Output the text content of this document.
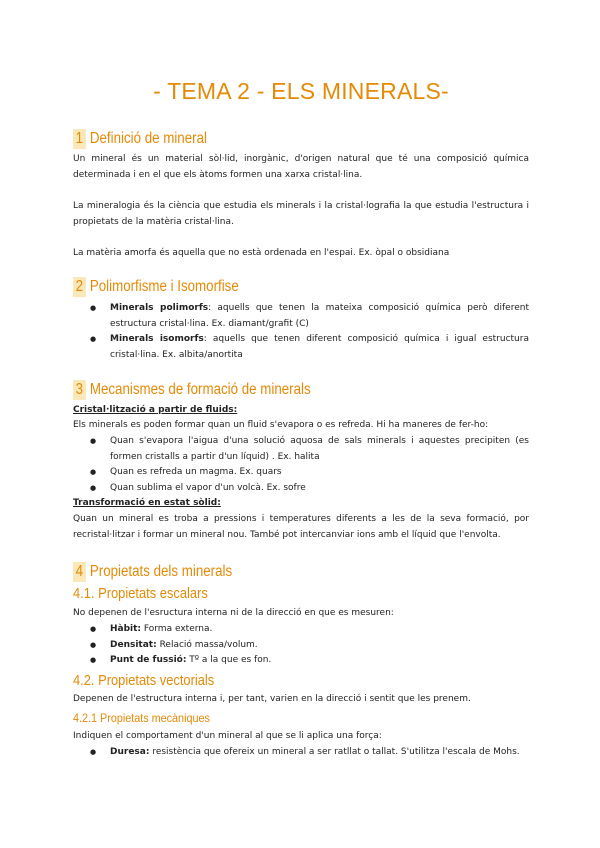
- TEMA 2 - ELS MINERALS-
1 Definició de mineral

Un mineral és un material sòl·lid, inorgànic, d'origen natural que té una composició química determinada i en el que els àtoms formen una xarxa cristal·lina.

La mineralogia és la ciència que estudia els minerals i la cristal·lografia la que estudia l'estructura i propietats de la matèria cristal·lina.

La matèria amorfa és aquella que no està ordenada en l'espai. Ex. òpal o obsidiana

2 Polimorfisme i Isomorfise
● Minerals polimorfs: aquells que tenen la mateixa composició química però diferent estructura cristal·lina. Ex. diamant/grafit (C)
● Minerals isomorfs: aquells que tenen diferent composició química i igual estructura cristal·lina. Ex. albita/anortita
3 Mecanismes de formació de minerals
Cristal·lització a partir de fluids:

Els minerals es poden formar quan un fluid s'evapora o es refreda. Hi ha maneres de fer-ho:

● Quan s'evapora l'aigua d'una solució aquosa de sals minerals i aquestes precipiten (es formen cristalls a partir d'un líquid) . Ex. halita
● Quan es refreda un magma. Ex. quars
● Quan sublima el vapor d'un volcà. Ex. sofre
Transformació en estat sòlid:

Quan un mineral es troba a pressions i temperatures diferents a les de la seva formació, por recristal·litzar i formar un mineral nou. També pot intercanviar ions amb el líquid que l'envolta.

4 Propietats dels minerals
4.1. Propietats escalars

No depenen de l'esructura interna ni de la direcció en que es mesuren:

● Hàbit: Forma externa.
● Densitat: Relació massa/volum.
● Punt de fussió: Tº a la que es fon.
4.2. Propietats vectorials

Depenen de l'estructura interna i, per tant, varien en la direcció i sentit que les prenem.

4.2.1 Propietats mecàniques

Indiquen el comportament d'un mineral al que se li aplica una força:

● Duresa: resistència que ofereix un mineral a ser ratllat o tallat. S'utilitza l'escala de Mohs.
